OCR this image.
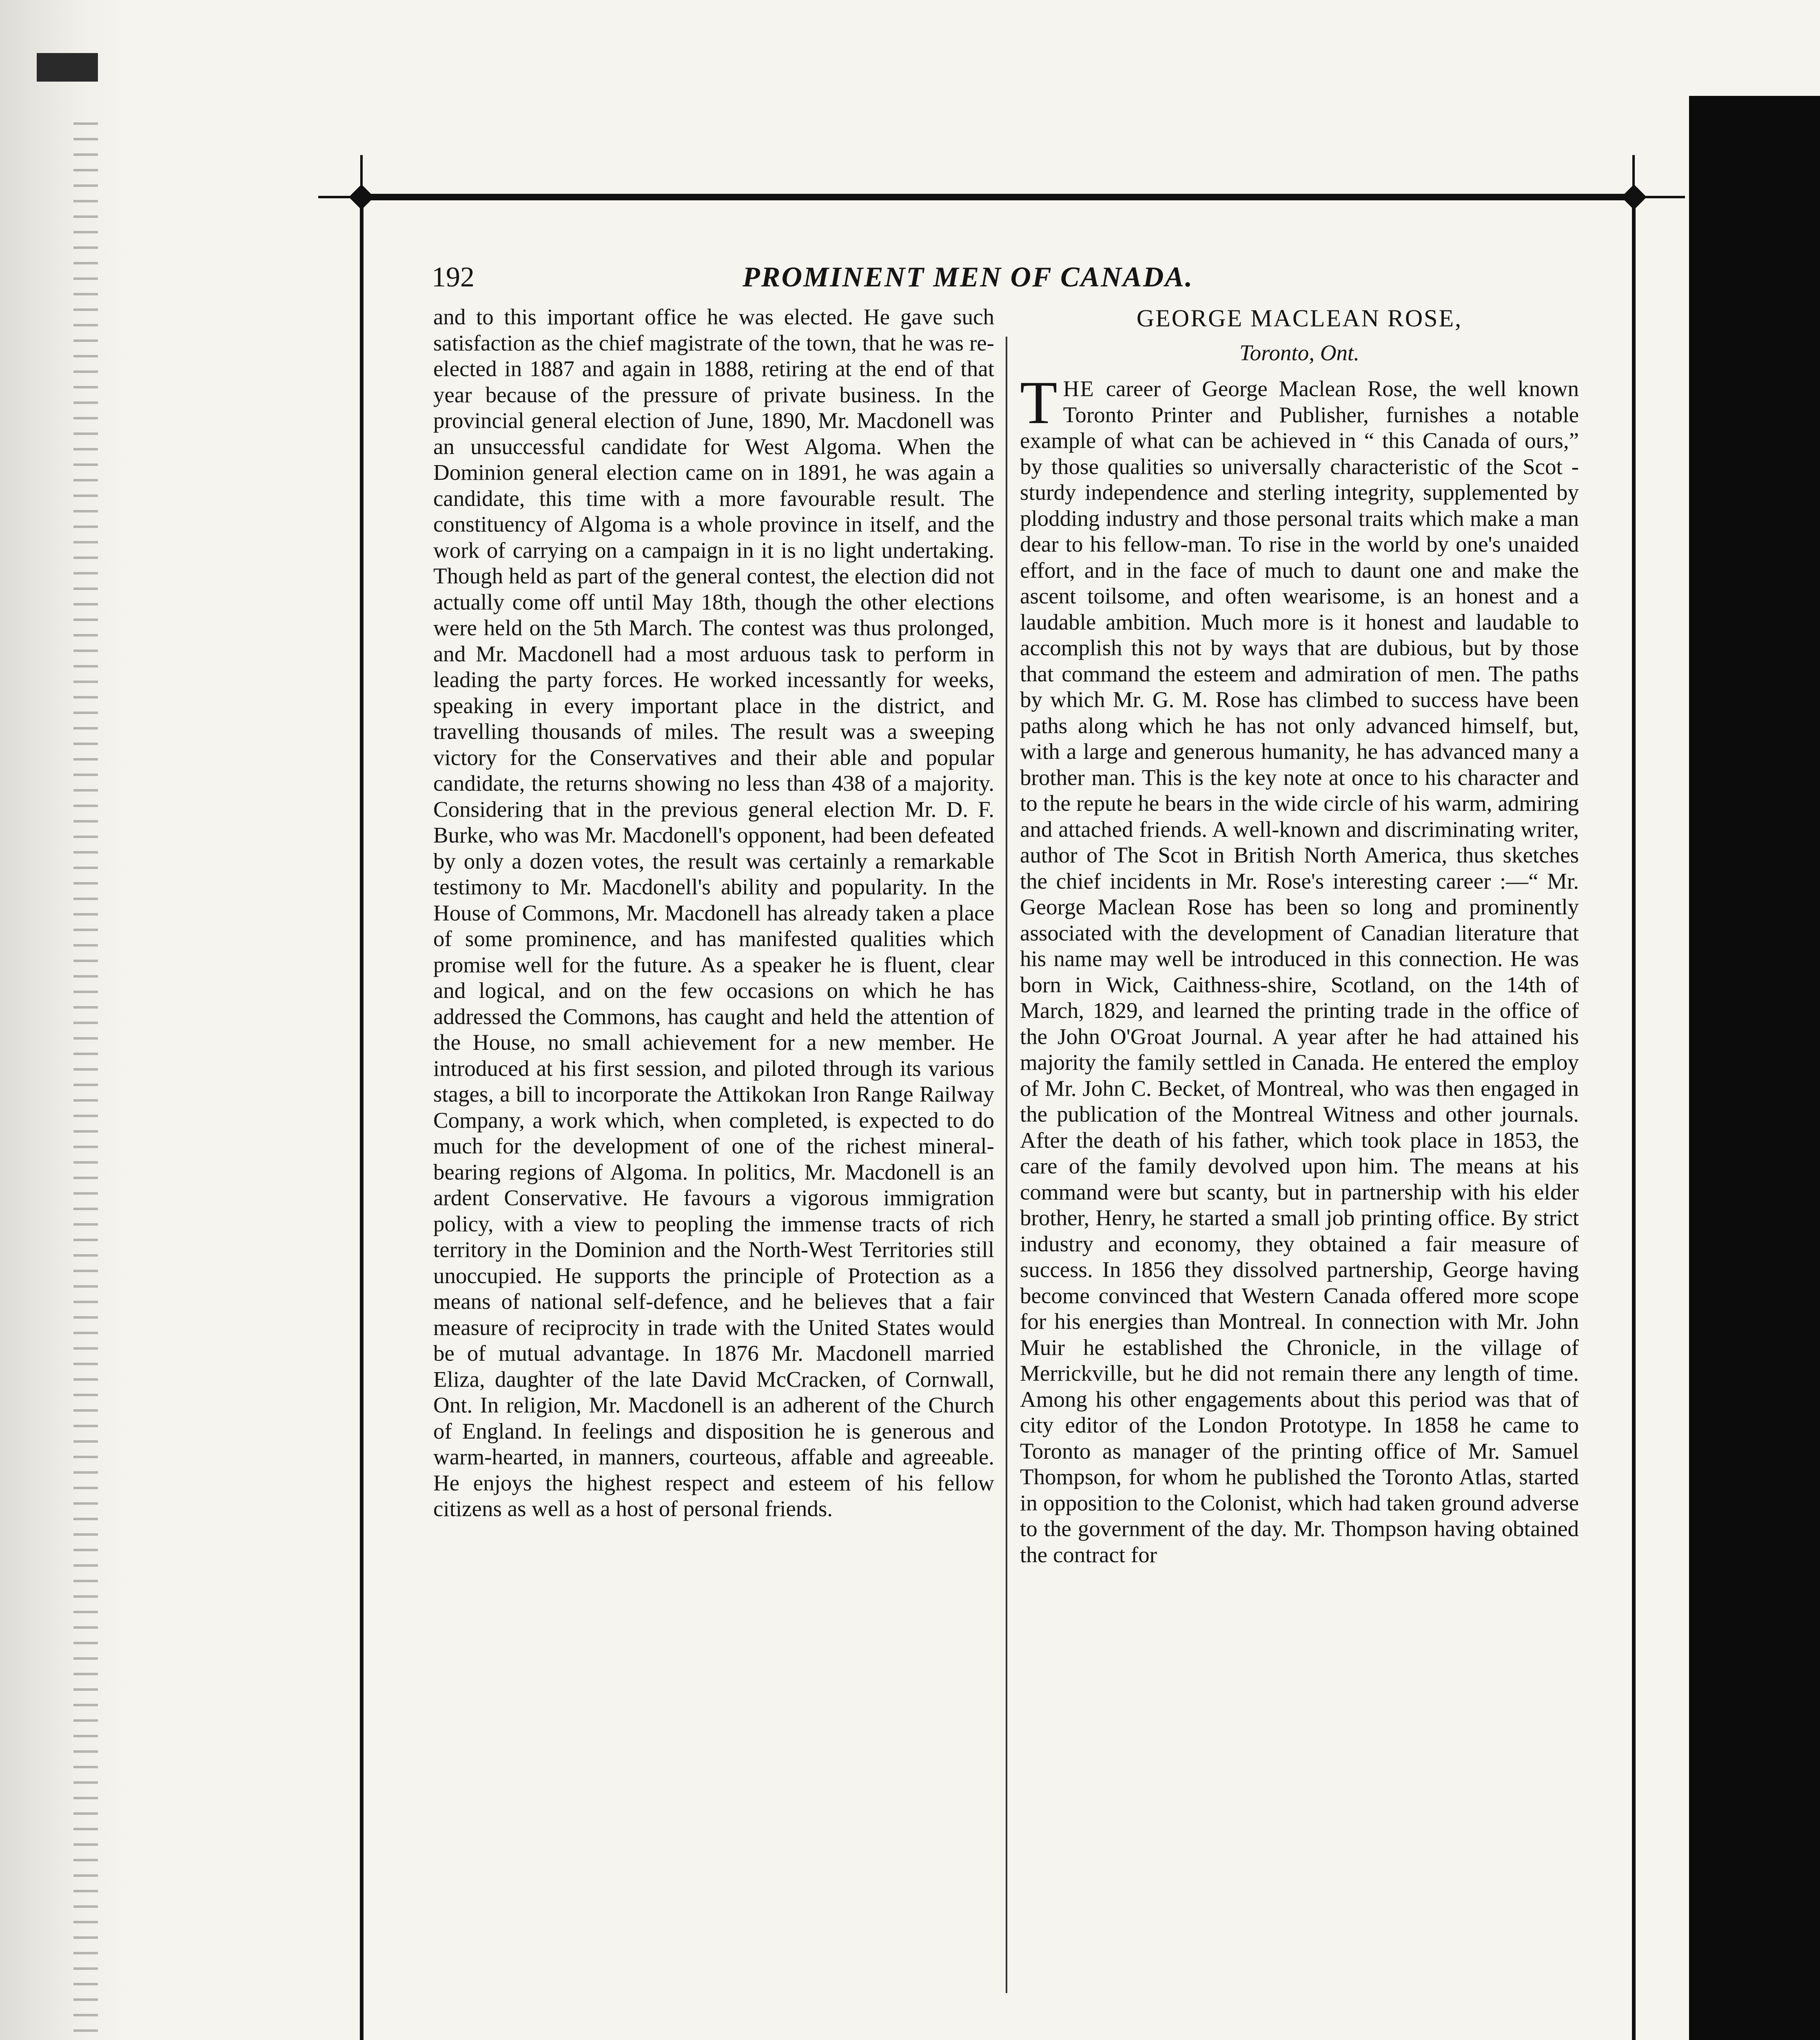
192	PROMINENT MEN OF CANADA.

and to this important office he was elected. He gave such satisfaction as the chief magistrate of the town, that he was re-elected in 1887 and again in 1888, retiring at the end of that year because of the pressure of private business. In the provincial general election of June, 1890, Mr. Macdonell was an unsuccessful candidate for West Algoma. When the Dominion general election came on in 1891, he was again a candidate, this time with a more favourable result. The constituency of Algoma is a whole province in itself, and the work of carrying on a campaign in it is no light undertaking. Though held as part of the general contest, the election did not actually come off until May 18th, though the other elections were held on the 5th March. The contest was thus prolonged, and Mr. Macdonell had a most arduous task to perform in leading the party forces. He worked incessantly for weeks, speaking in every important place in the district, and travelling thousands of miles. The result was a sweeping victory for the Conservatives and their able and popular candidate, the returns showing no less than 438 of a majority. Considering that in the previous general election Mr. D. F. Burke, who was Mr. Macdonell's opponent, had been defeated by only a dozen votes, the result was certainly a remarkable testimony to Mr. Macdonell's ability and popularity. In the House of Commons, Mr. Macdonell has already taken a place of some prominence, and has manifested qualities which promise well for the future. As a speaker he is fluent, clear and logical, and on the few occasions on which he has addressed the Commons, has caught and held the attention of the House, no small achievement for a new member. He introduced at his first session, and piloted through its various stages, a bill to incorporate the Attikokan Iron Range Railway Company, a work which, when completed, is expected to do much for the development of one of the richest mineral-bearing regions of Algoma. In politics, Mr. Macdonell is an ardent Conservative. He favours a vigorous immigration policy, with a view to peopling the immense tracts of rich territory in the Dominion and the North-West Territories still unoccupied. He supports the principle of Protection as a means of national self-defence, and he believes that a fair measure of reciprocity in trade with the United States would be of mutual advantage. In 1876 Mr. Macdonell married Eliza, daughter of the late David McCracken, of Cornwall, Ont. In religion, Mr. Macdonell is an adherent of the Church of England. In feelings and disposition he is generous and warm-hearted, in manners, courteous, affable and agreeable. He enjoys the highest respect and esteem of his fellow citizens as well as a host of personal friends.

GEORGE MACLEAN ROSE,
Toronto, Ont.

THE career of George Maclean Rose, the well known Toronto Printer and Publisher, furnishes a notable example of what can be achieved in “ this Canada of ours,” by those qualities so universally characteristic of the Scot - sturdy independence and sterling integrity, supplemented by plodding industry and those personal traits which make a man dear to his fellow-man. To rise in the world by one's unaided effort, and in the face of much to daunt one and make the ascent toilsome, and often wearisome, is an honest and a laudable ambition. Much more is it honest and laudable to accomplish this not by ways that are dubious, but by those that command the esteem and admiration of men. The paths by which Mr. G. M. Rose has climbed to success have been paths along which he has not only advanced himself, but, with a large and generous humanity, he has advanced many a brother man. This is the key note at once to his character and to the repute he bears in the wide circle of his warm, admiring and attached friends. A well-known and discriminating writer, author of The Scot in British North America, thus sketches the chief incidents in Mr. Rose's interesting career :—“ Mr. George Maclean Rose has been so long and prominently associated with the development of Canadian literature that his name may well be introduced in this connection. He was born in Wick, Caithness-shire, Scotland, on the 14th of March, 1829, and learned the printing trade in the office of the John O'Groat Journal. A year after he had attained his majority the family settled in Canada. He entered the employ of Mr. John C. Becket, of Montreal, who was then engaged in the publication of the Montreal Witness and other journals. After the death of his father, which took place in 1853, the care of the family devolved upon him. The means at his command were but scanty, but in partnership with his elder brother, Henry, he started a small job printing office. By strict industry and economy, they obtained a fair measure of success. In 1856 they dissolved partnership, George having become convinced that Western Canada offered more scope for his energies than Montreal. In connection with Mr. John Muir he established the Chronicle, in the village of Merrickville, but he did not remain there any length of time. Among his other engagements about this period was that of city editor of the London Prototype. In 1858 he came to Toronto as manager of the printing office of Mr. Samuel Thompson, for whom he published the Toronto Atlas, started in opposition to the Colonist, which had taken ground adverse to the government of the day. Mr. Thompson having obtained the contract for
